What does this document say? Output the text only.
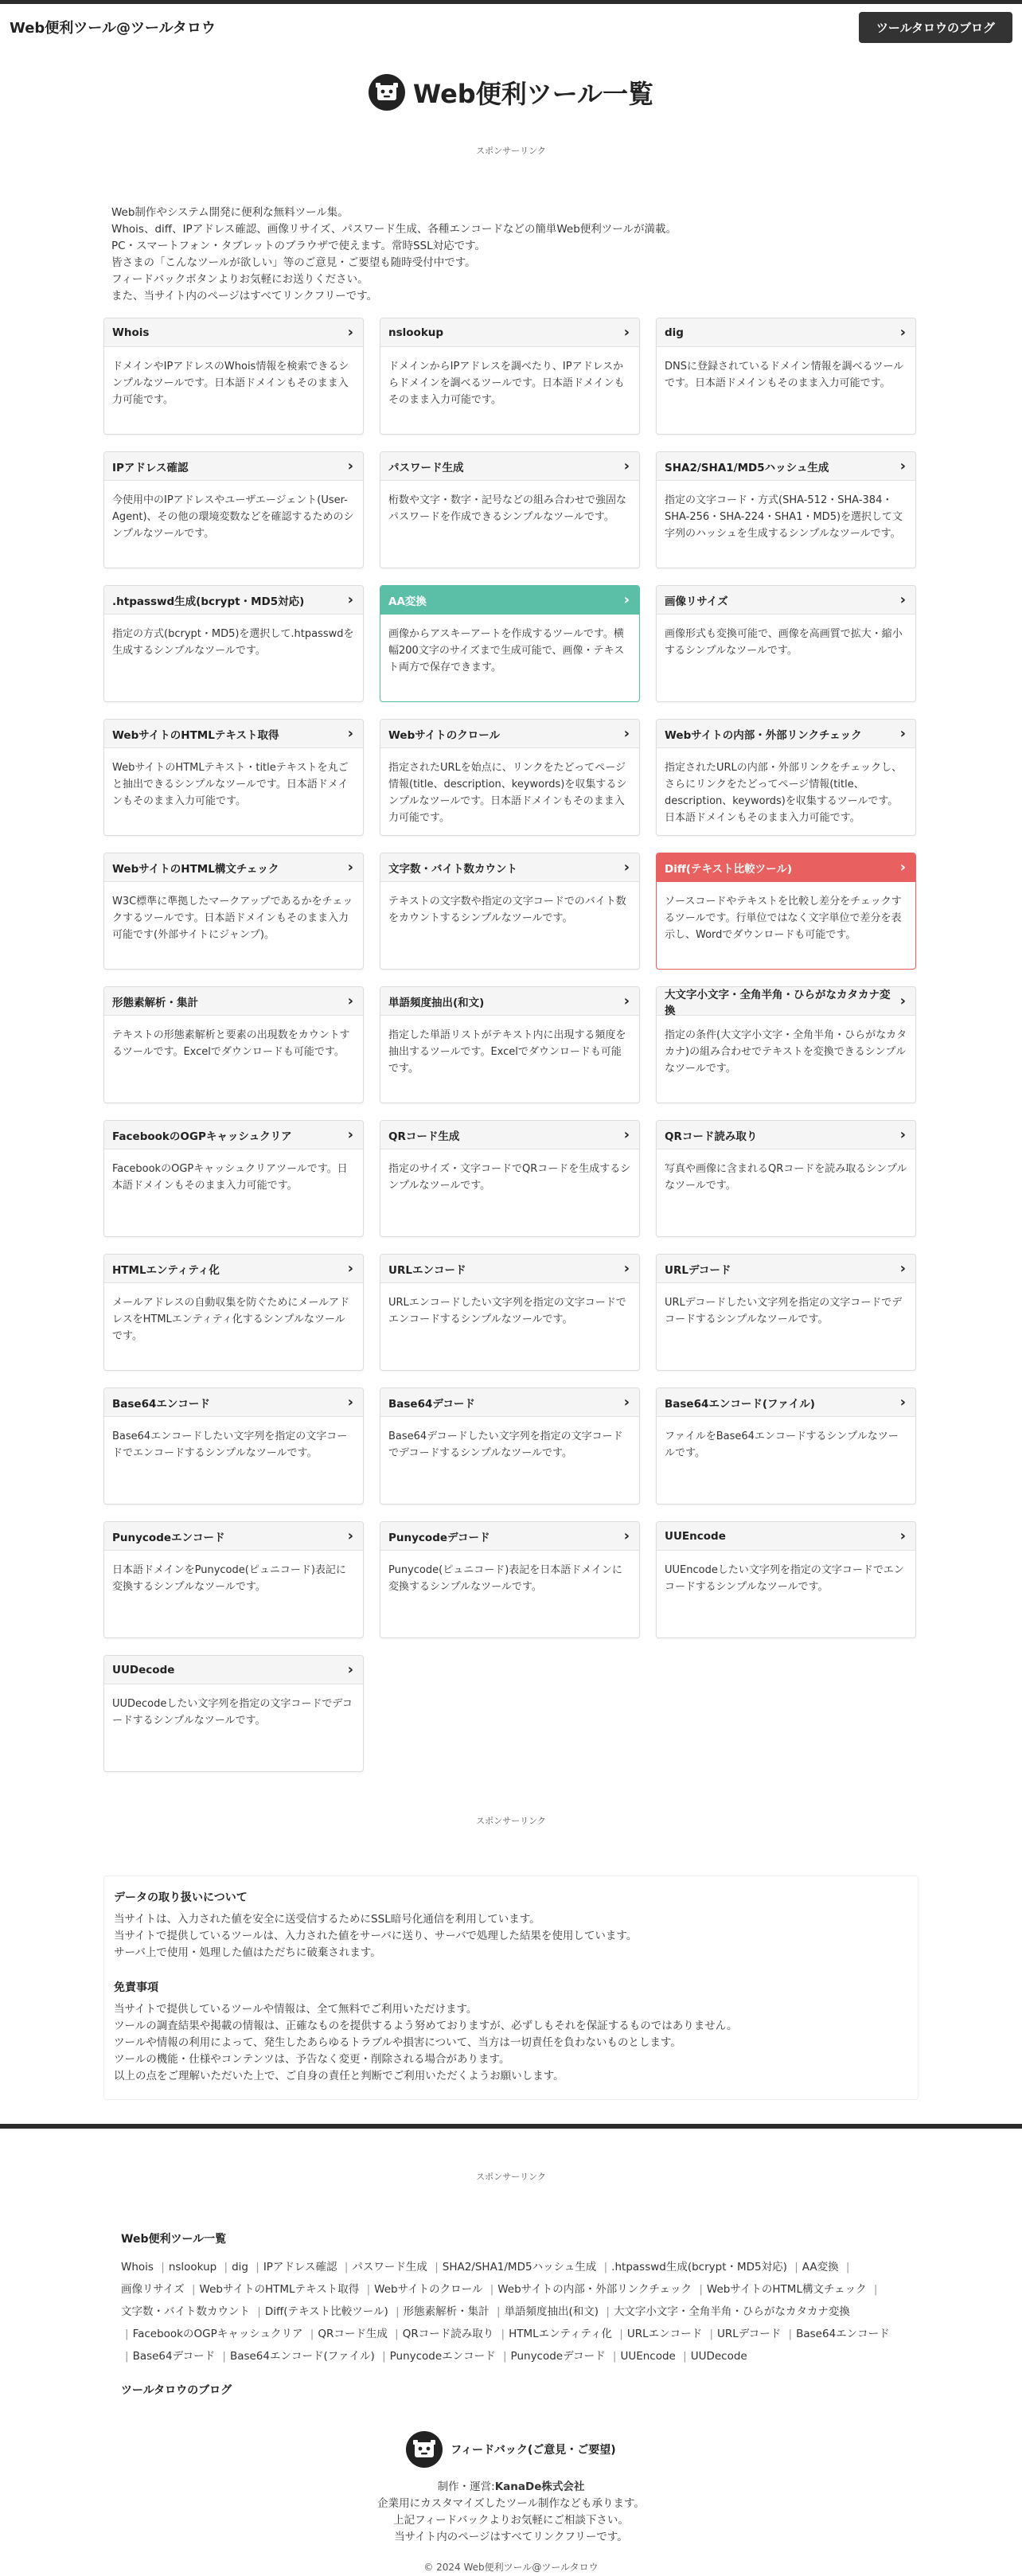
Web便利ツール@ツールタロウ	ツールタロウのブログ
Web便利ツール一覧
スポンサーリンク

Web制作やシステム開発に便利な無料ツール集。

Whois、diff、IPアドレス確認、画像リサイズ、パスワード生成、各種エンコードなどの簡単Web便利ツールが満載。

PC・スマートフォン・タブレットのブラウザで使えます。常時SSL対応です。

皆さまの「こんなツールが欲しい」等のご意見・ご要望も随時受付中です。

フィードバックボタンよりお気軽にお送りください。

また、当サイト内のページはすべてリンクフリーです。

Whois	›
ドメインやIPアドレスのWhois情報を検索できるシンプルなツールです。日本語ドメインもそのまま入力可能です。
nslookup	›
ドメインからIPアドレスを調べたり、IPアドレスからドメインを調べるツールです。日本語ドメインもそのまま入力可能です。
dig	›
DNSに登録されているドメイン情報を調べるツールです。日本語ドメインもそのまま入力可能です。
IPアドレス確認	›
今使用中のIPアドレスやユーザエージェント(User-Agent)、その他の環境変数などを確認するためのシンプルなツールです。
パスワード生成	›
桁数や文字・数字・記号などの組み合わせで強固なパスワードを作成できるシンプルなツールです。
SHA2/SHA1/MD5ハッシュ生成	›
指定の文字コード・方式(SHA-512・SHA-384・SHA-256・SHA-224・SHA1・MD5)を選択して文字列のハッシュを生成するシンプルなツールです。
.htpasswd生成(bcrypt・MD5対応)	›
指定の方式(bcrypt・MD5)を選択して.htpasswdを生成するシンプルなツールです。
AA変換	›
画像からアスキーアートを作成するツールです。横幅200文字のサイズまで生成可能で、画像・テキスト両方で保存できます。
画像リサイズ	›
画像形式も変換可能で、画像を高画質で拡大・縮小するシンプルなツールです。
WebサイトのHTMLテキスト取得	›
WebサイトのHTMLテキスト・titleテキストを丸ごと抽出できるシンプルなツールです。日本語ドメインもそのまま入力可能です。
Webサイトのクロール	›
指定されたURLを始点に、リンクをたどってページ情報(title、description、keywords)を収集するシンプルなツールです。日本語ドメインもそのまま入力可能です。
Webサイトの内部・外部リンクチェック	›
指定されたURLの内部・外部リンクをチェックし、さらにリンクをたどってページ情報(title、description、keywords)を収集するツールです。日本語ドメインもそのまま入力可能です。
WebサイトのHTML構文チェック	›
W3C標準に準拠したマークアップであるかをチェックするツールです。日本語ドメインもそのまま入力可能です(外部サイトにジャンプ)。
文字数・バイト数カウント	›
テキストの文字数や指定の文字コードでのバイト数をカウントするシンプルなツールです。
Diff(テキスト比較ツール)	›
ソースコードやテキストを比較し差分をチェックするツールです。行単位ではなく文字単位で差分を表示し、Wordでダウンロードも可能です。
形態素解析・集計	›
テキストの形態素解析と要素の出現数をカウントするツールです。Excelでダウンロードも可能です。
単語頻度抽出(和文)	›
指定した単語リストがテキスト内に出現する頻度を抽出するツールです。Excelでダウンロードも可能です。
大文字小文字・全角半角・ひらがなカタカナ変換
›
指定の条件(大文字小文字・全角半角・ひらがなカタカナ)の組み合わせでテキストを変換できるシンプルなツールです。
FacebookのOGPキャッシュクリア	›
FacebookのOGPキャッシュクリアツールです。日本語ドメインもそのまま入力可能です。
QRコード生成	›
指定のサイズ・文字コードでQRコードを生成するシンプルなツールです。
QRコード読み取り	›
写真や画像に含まれるQRコードを読み取るシンプルなツールです。
HTMLエンティティ化	›
メールアドレスの自動収集を防ぐためにメールアドレスをHTMLエンティティ化するシンプルなツールです。
URLエンコード	›
URLエンコードしたい文字列を指定の文字コードでエンコードするシンプルなツールです。
URLデコード	›
URLデコードしたい文字列を指定の文字コードでデコードするシンプルなツールです。
Base64エンコード	›
Base64エンコードしたい文字列を指定の文字コードでエンコードするシンプルなツールです。
Base64デコード	›
Base64デコードしたい文字列を指定の文字コードでデコードするシンプルなツールです。
Base64エンコード(ファイル)	›
ファイルをBase64エンコードするシンプルなツールです。
Punycodeエンコード	›
日本語ドメインをPunycode(ピュニコード)表記に変換するシンプルなツールです。
Punycodeデコード	›
Punycode(ピュニコード)表記を日本語ドメインに変換するシンプルなツールです。
UUEncode	›
UUEncodeしたい文字列を指定の文字コードでエンコードするシンプルなツールです。
UUDecode	›
UUDecodeしたい文字列を指定の文字コードでデコードするシンプルなツールです。
スポンサーリンク
データの取り扱いについて

当サイトは、入力された値を安全に送受信するためにSSL暗号化通信を利用しています。

当サイトで提供しているツールは、入力された値をサーバに送り、サーバで処理した結果を使用しています。

サーバ上で使用・処理した値はただちに破棄されます。

免責事項

当サイトで提供しているツールや情報は、全て無料でご利用いただけます。

ツールの調査結果や掲載の情報は、正確なものを提供するよう努めておりますが、必ずしもそれを保証するものではありません。

ツールや情報の利用によって、発生したあらゆるトラブルや損害について、当方は一切責任を負わないものとします。

ツールの機能・仕様やコンテンツは、予告なく変更・削除される場合があります。

以上の点をご理解いただいた上で、ご自身の責任と判断でご利用いただくようお願いします。

スポンサーリンク
Web便利ツール一覧
Whois | nslookup | dig | IPアドレス確認 | パスワード生成 | SHA2/SHA1/MD5ハッシュ生成 | .htpasswd生成(bcrypt・MD5対応) | AA変換 |画像リサイズ | WebサイトのHTMLテキスト取得 | Webサイトのクロール | Webサイトの内部・外部リンクチェック | WebサイトのHTML構文チェック |文字数・バイト数カウント | Diff(テキスト比較ツール) | 形態素解析・集計 | 単語頻度抽出(和文) | 大文字小文字・全角半角・ひらがなカタカナ変換 | FacebookのOGPキャッシュクリア | QRコード生成 | QRコード読み取り | HTMLエンティティ化 | URLエンコード | URLデコード | Base64エンコード | Base64デコード | Base64エンコード(ファイル) | Punycodeエンコード | Punycodeデコード | UUEncode | UUDecode
ツールタロウのブログ
フィードバック(ご意見・ご要望)

制作・運営:KanaDe株式会社

企業用にカスタマイズしたツール制作なども承ります。

上記フィードバックよりお気軽にご相談下さい。

当サイト内のページはすべてリンクフリーです。

© 2024 Web便利ツール@ツールタロウ
